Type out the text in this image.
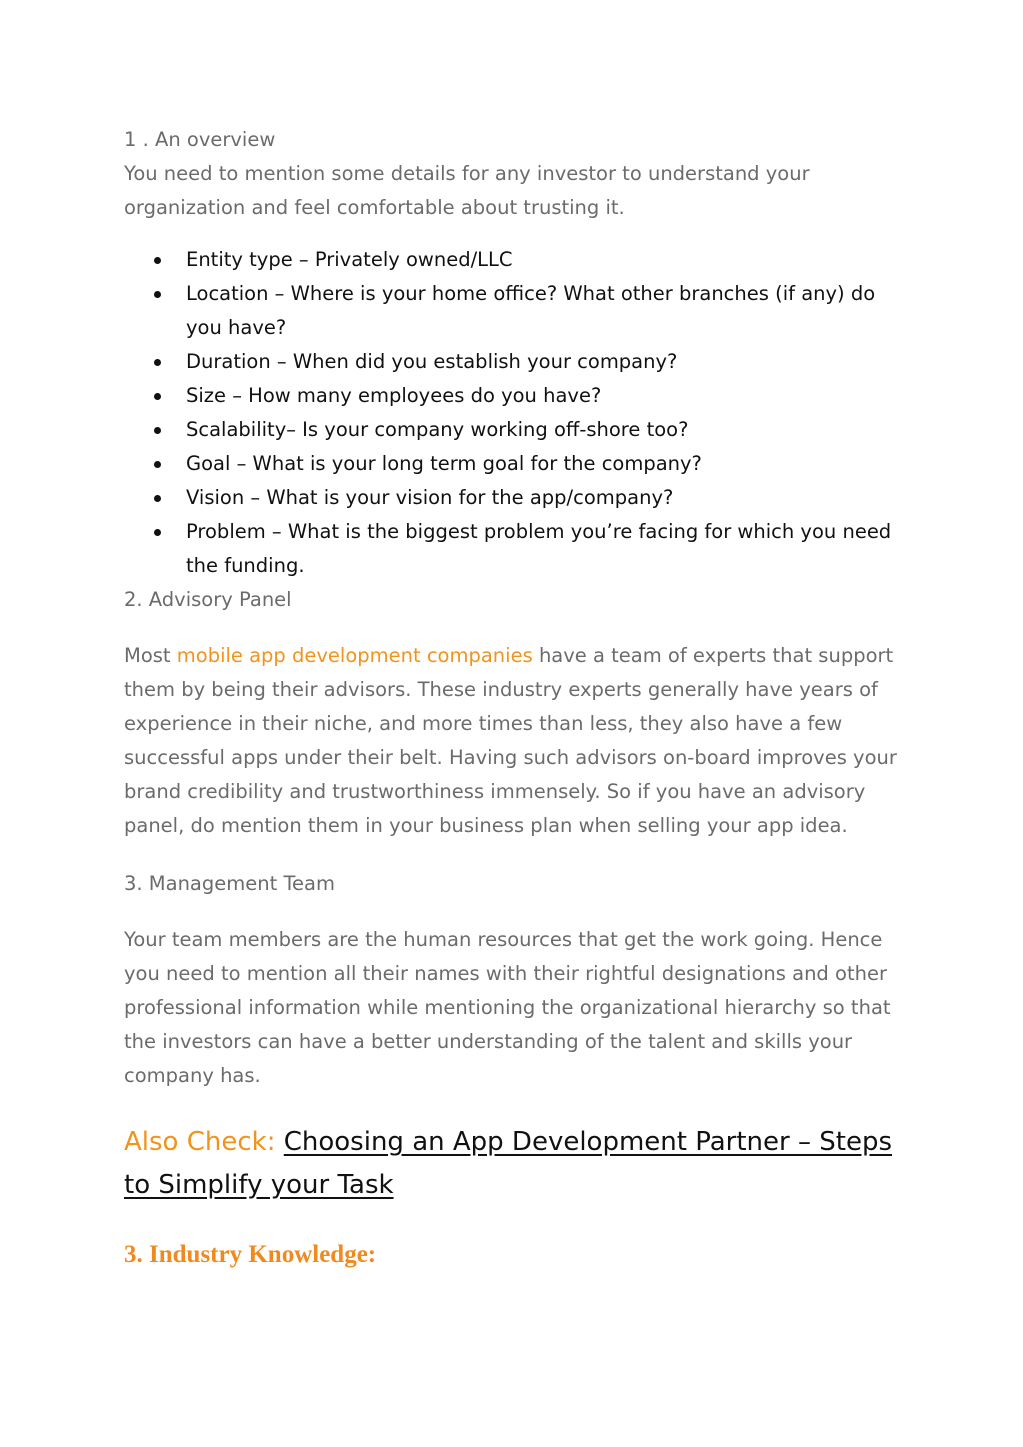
1 . An overview

You need to mention some details for any investor to understand your organization and feel comfortable about trusting it.

Entity type – Privately owned/LLC
Location – Where is your home office? What other branches (if any) do you have?
Duration – When did you establish your company?
Size – How many employees do you have?
Scalability– Is your company working off-shore too?
Goal – What is your long term goal for the company?
Vision – What is your vision for the app/company?
Problem – What is the biggest problem you’re facing for which you need the funding.

2. Advisory Panel

Most mobile app development companies have a team of experts that support them by being their advisors. These industry experts generally have years of experience in their niche, and more times than less, they also have a few successful apps under their belt. Having such advisors on-board improves your brand credibility and trustworthiness immensely. So if you have an advisory panel, do mention them in your business plan when selling your app idea.

3. Management Team

Your team members are the human resources that get the work going. Hence you need to mention all their names with their rightful designations and other professional information while mentioning the organizational hierarchy so that the investors can have a better understanding of the talent and skills your company has.

Also Check: Choosing an App Development Partner – Steps to Simplify your Task

3. Industry Knowledge:
